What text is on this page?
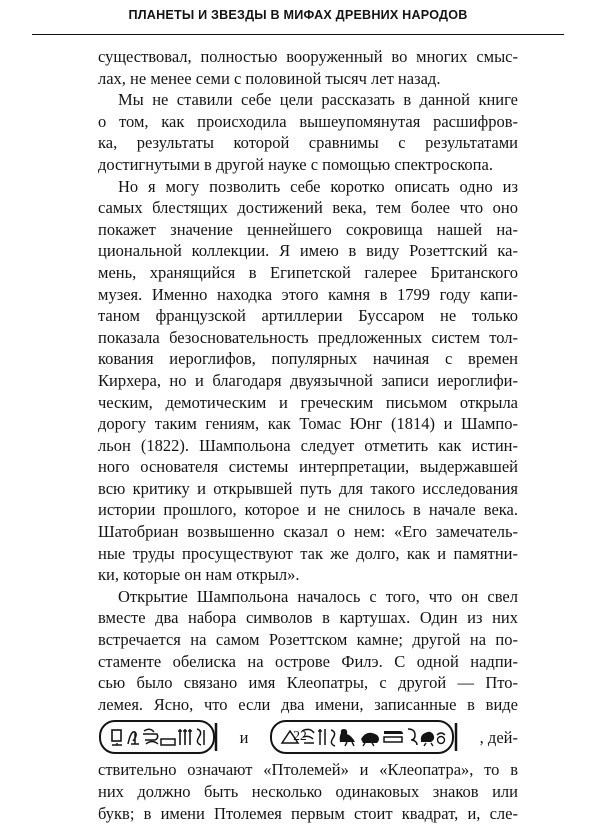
ПЛАНЕТЫ И ЗВЕЗДЫ В МИФАХ ДРЕВНИХ НАРОДОВ
существовал, полностью вооруженный во многих смыс-
лах, не менее семи с половиной тысяч лет назад.
Мы не ставили себе цели рассказать в данной книге
о том, как происходила вышеупомянутая расшифров-
ка, результаты которой сравнимы с результатами
достигнутыми в другой науке с помощью спектроскопа.
Но я могу позволить себе коротко описать одно из
самых блестящих достижений века, тем более что оно
покажет значение ценнейшего сокровища нашей на-
циональной коллекции. Я имею в виду Розеттский ка-
мень, хранящийся в Египетской галерее Британского
музея. Именно находка этого камня в 1799 году капи-
таном французской артиллерии Буссаром не только
показала безосновательность предложенных систем тол-
кования иероглифов, популярных начиная с времен
Кирхера, но и благодаря двуязычной записи иероглифи-
ческим, демотическим и греческим письмом открыла
дорогу таким гениям, как Томас Юнг (1814) и Шампо-
льон (1822). Шампольона следует отметить как истин-
ного основателя системы интерпретации, выдержавшей
всю критику и открывшей путь для такого исследования
истории прошлого, которое и не снилось в начале века.
Шатобриан возвышенно сказал о нем: «Его замечатель-
ные труды просуществуют так же долго, как и памятни-
ки, которые он нам открыл».
Открытие Шампольона началось с того, что он свел
вместе два набора символов в картушах. Один из них
встречается на самом Розеттском камне; другой на по-
стаменте обелиска на острове Филэ. С одной надпи-
сью было связано имя Клеопатры, с другой — Пто-
лемея. Ясно, что если два имени, записанные в виде
и	, дей-
ствительно означают «Птолемей» и «Клеопатра», то в
них должно быть несколько одинаковых знаков или
букв; в имени Птолемея первым стоит квадрат, и, сле-
22
